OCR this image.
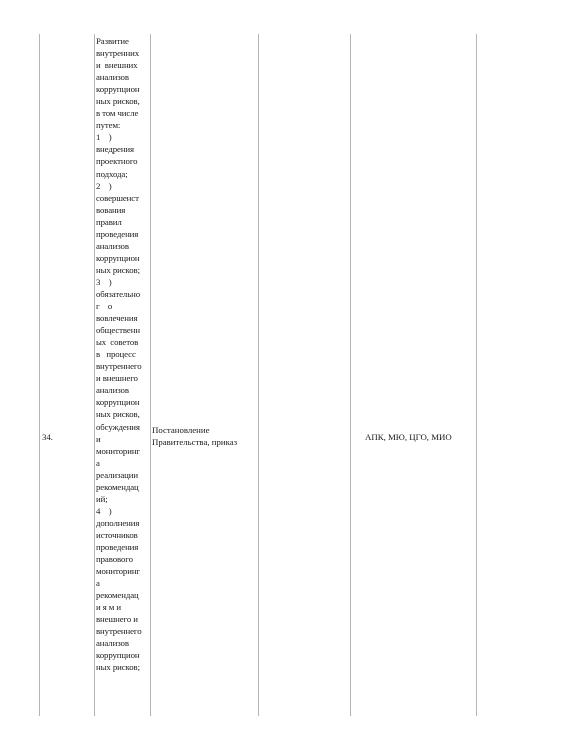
34.
Развитие
внутренних
и  внешних
анализов
коррупцион
ных рисков,
в том числе
путем:
1    )
внедрения
проектного
подхода;
2    )
совершенст
вования
правил
проведения
анализов
коррупцион
ных рисков;
3    )
обязательно
г    о
вовлечения
общественн
ых  советов
в   процесс
внутреннего
и внешнего
анализов
коррупцион
ных рисков,
обсуждения
и
мониторинг
а
реализации
рекомендац
ий;
4    )
дополнения
источников
проведения
правового
мониторинг
а
рекомендац
и я м и
внешнего и
внутреннего
анализов
коррупцион
ных рисков;
Постановление Правительства, приказ	АПК, МЮ, ЦГО, МИО
